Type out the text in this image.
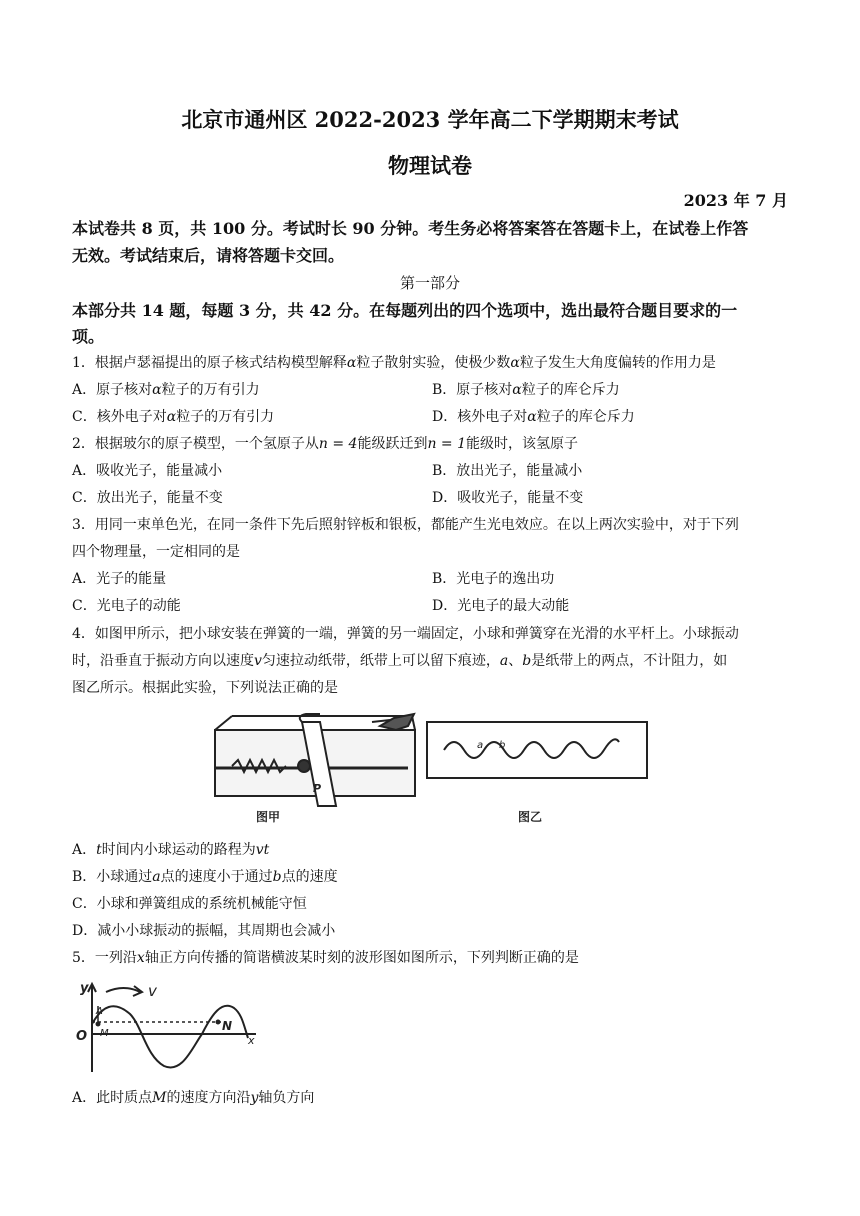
北京市通州区 2022-2023 学年高二下学期期末考试
物理试卷
2023 年 7 月
本试卷共 8 页，共 100 分。考试时长 90 分钟。考生务必将答案答在答题卡上，在试卷上作答
无效。考试结束后，请将答题卡交回。
第一部分
本部分共 14 题，每题 3 分，共 42 分。在每题列出的四个选项中，选出最符合题目要求的一
项。
1．根据卢瑟福提出的原子核式结构模型解释α粒子散射实验，使极少数α粒子发生大角度偏转的作用力是
A．原子核对α粒子的万有引力	B．原子核对α粒子的库仑斥力
C．核外电子对α粒子的万有引力	D．核外电子对α粒子的库仑斥力
2．根据玻尔的原子模型，一个氢原子从n = 4能级跃迁到n = 1能级时，该氢原子
A．吸收光子，能量减小	B．放出光子，能量减小
C．放出光子，能量不变	D．吸收光子，能量不变
3．用同一束单色光，在同一条件下先后照射锌板和银板，都能产生光电效应。在以上两次实验中，对于下列
四个物理量，一定相同的是
A．光子的能量	B．光电子的逸出功
C．光电子的动能	D．光电子的最大动能
4．如图甲所示，把小球安装在弹簧的一端，弹簧的另一端固定，小球和弹簧穿在光滑的水平杆上。小球振动
时，沿垂直于振动方向以速度v匀速拉动纸带，纸带上可以留下痕迹，a、b是纸带上的两点，不计阻力，如
图乙所示。根据此实验，下列说法正确的是
P
图甲
a b
图乙
A．t时间内小球运动的路程为vt
B．小球通过a点的速度小于通过b点的速度
C．小球和弹簧组成的系统机械能守恒
D．减小小球振动的振幅，其周期也会减小
5．一列沿x轴正方向传播的简谐横波某时刻的波形图如图所示，下列判断正确的是
y	v
O
A
M
N
x
A．此时质点M的速度方向沿y轴负方向
